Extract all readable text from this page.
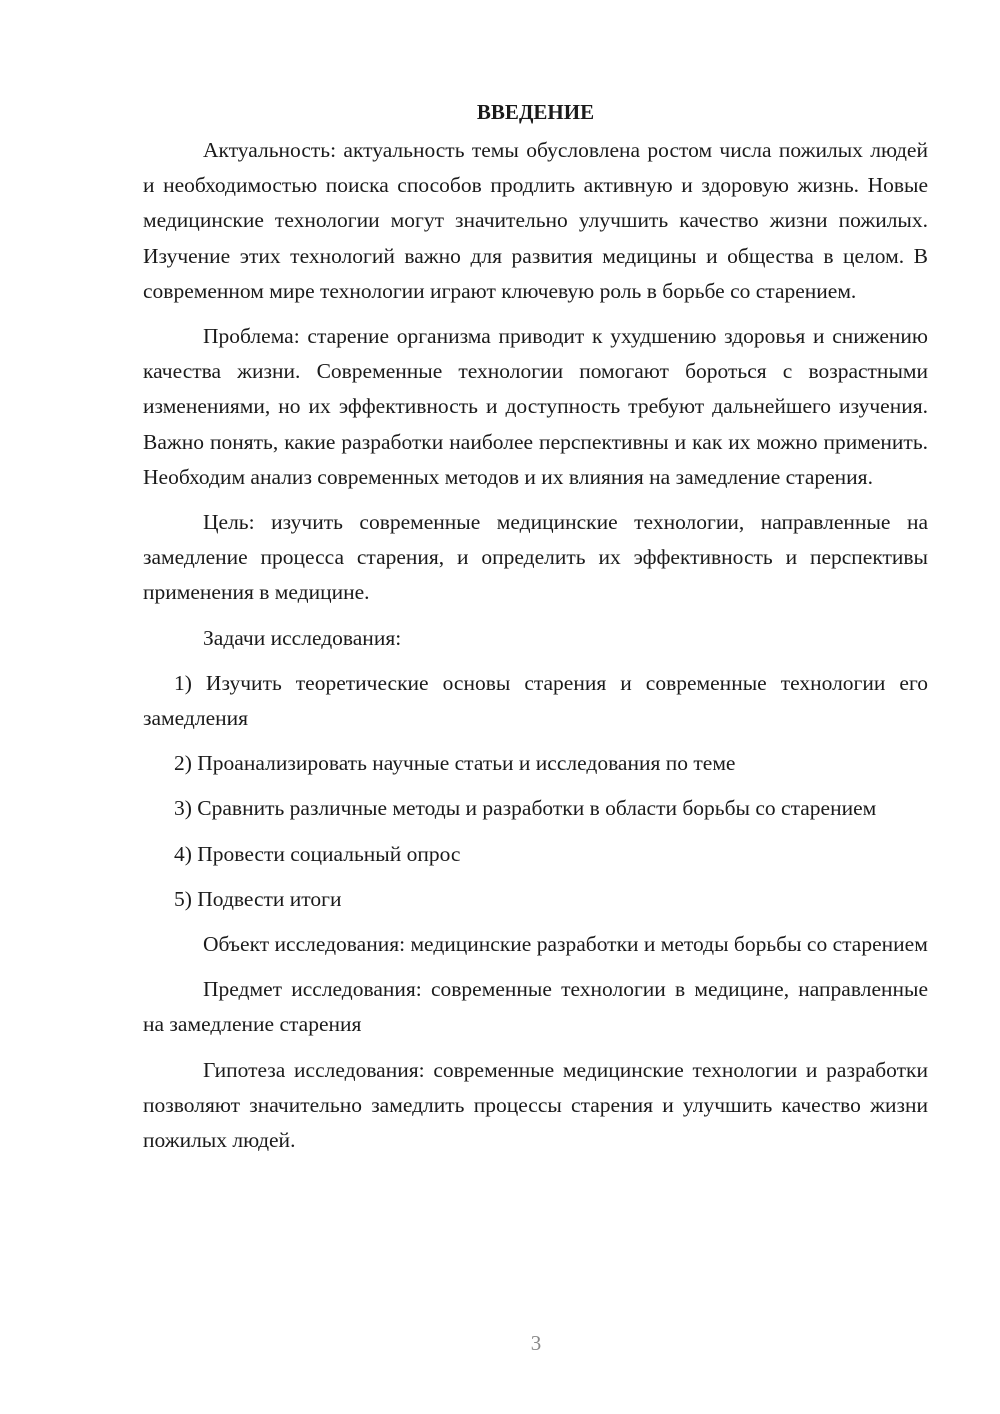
ВВЕДЕНИЕ

Актуальность: актуальность темы обусловлена ростом числа пожилых людей и необходимостью поиска способов продлить активную и здоровую жизнь. Новые медицинские технологии могут значительно улучшить качество жизни пожилых. Изучение этих технологий важно для развития медицины и общества в целом. В современном мире технологии играют ключевую роль в борьбе со старением.

Проблема: старение организма приводит к ухудшению здоровья и снижению качества жизни. Современные технологии помогают бороться с возрастными изменениями, но их эффективность и доступность требуют дальнейшего изучения. Важно понять, какие разработки наиболее перспективны и как их можно применить. Необходим анализ современных методов и их влияния на замедление старения.

Цель: изучить современные медицинские технологии, направленные на замедление процесса старения, и определить их эффективность и перспективы применения в медицине.

Задачи исследования:

1) Изучить теоретические основы старения и современные технологии его замедления

2) Проанализировать научные статьи и исследования по теме

3) Сравнить различные методы и разработки в области борьбы со старением

4) Провести социальный опрос

5) Подвести итоги

Объект исследования: медицинские разработки и методы борьбы со старением

Предмет исследования: современные технологии в медицине, направленные на замедление старения

Гипотеза исследования: современные медицинские технологии и разработки позволяют значительно замедлить процессы старения и улучшить качество жизни пожилых людей.

3
